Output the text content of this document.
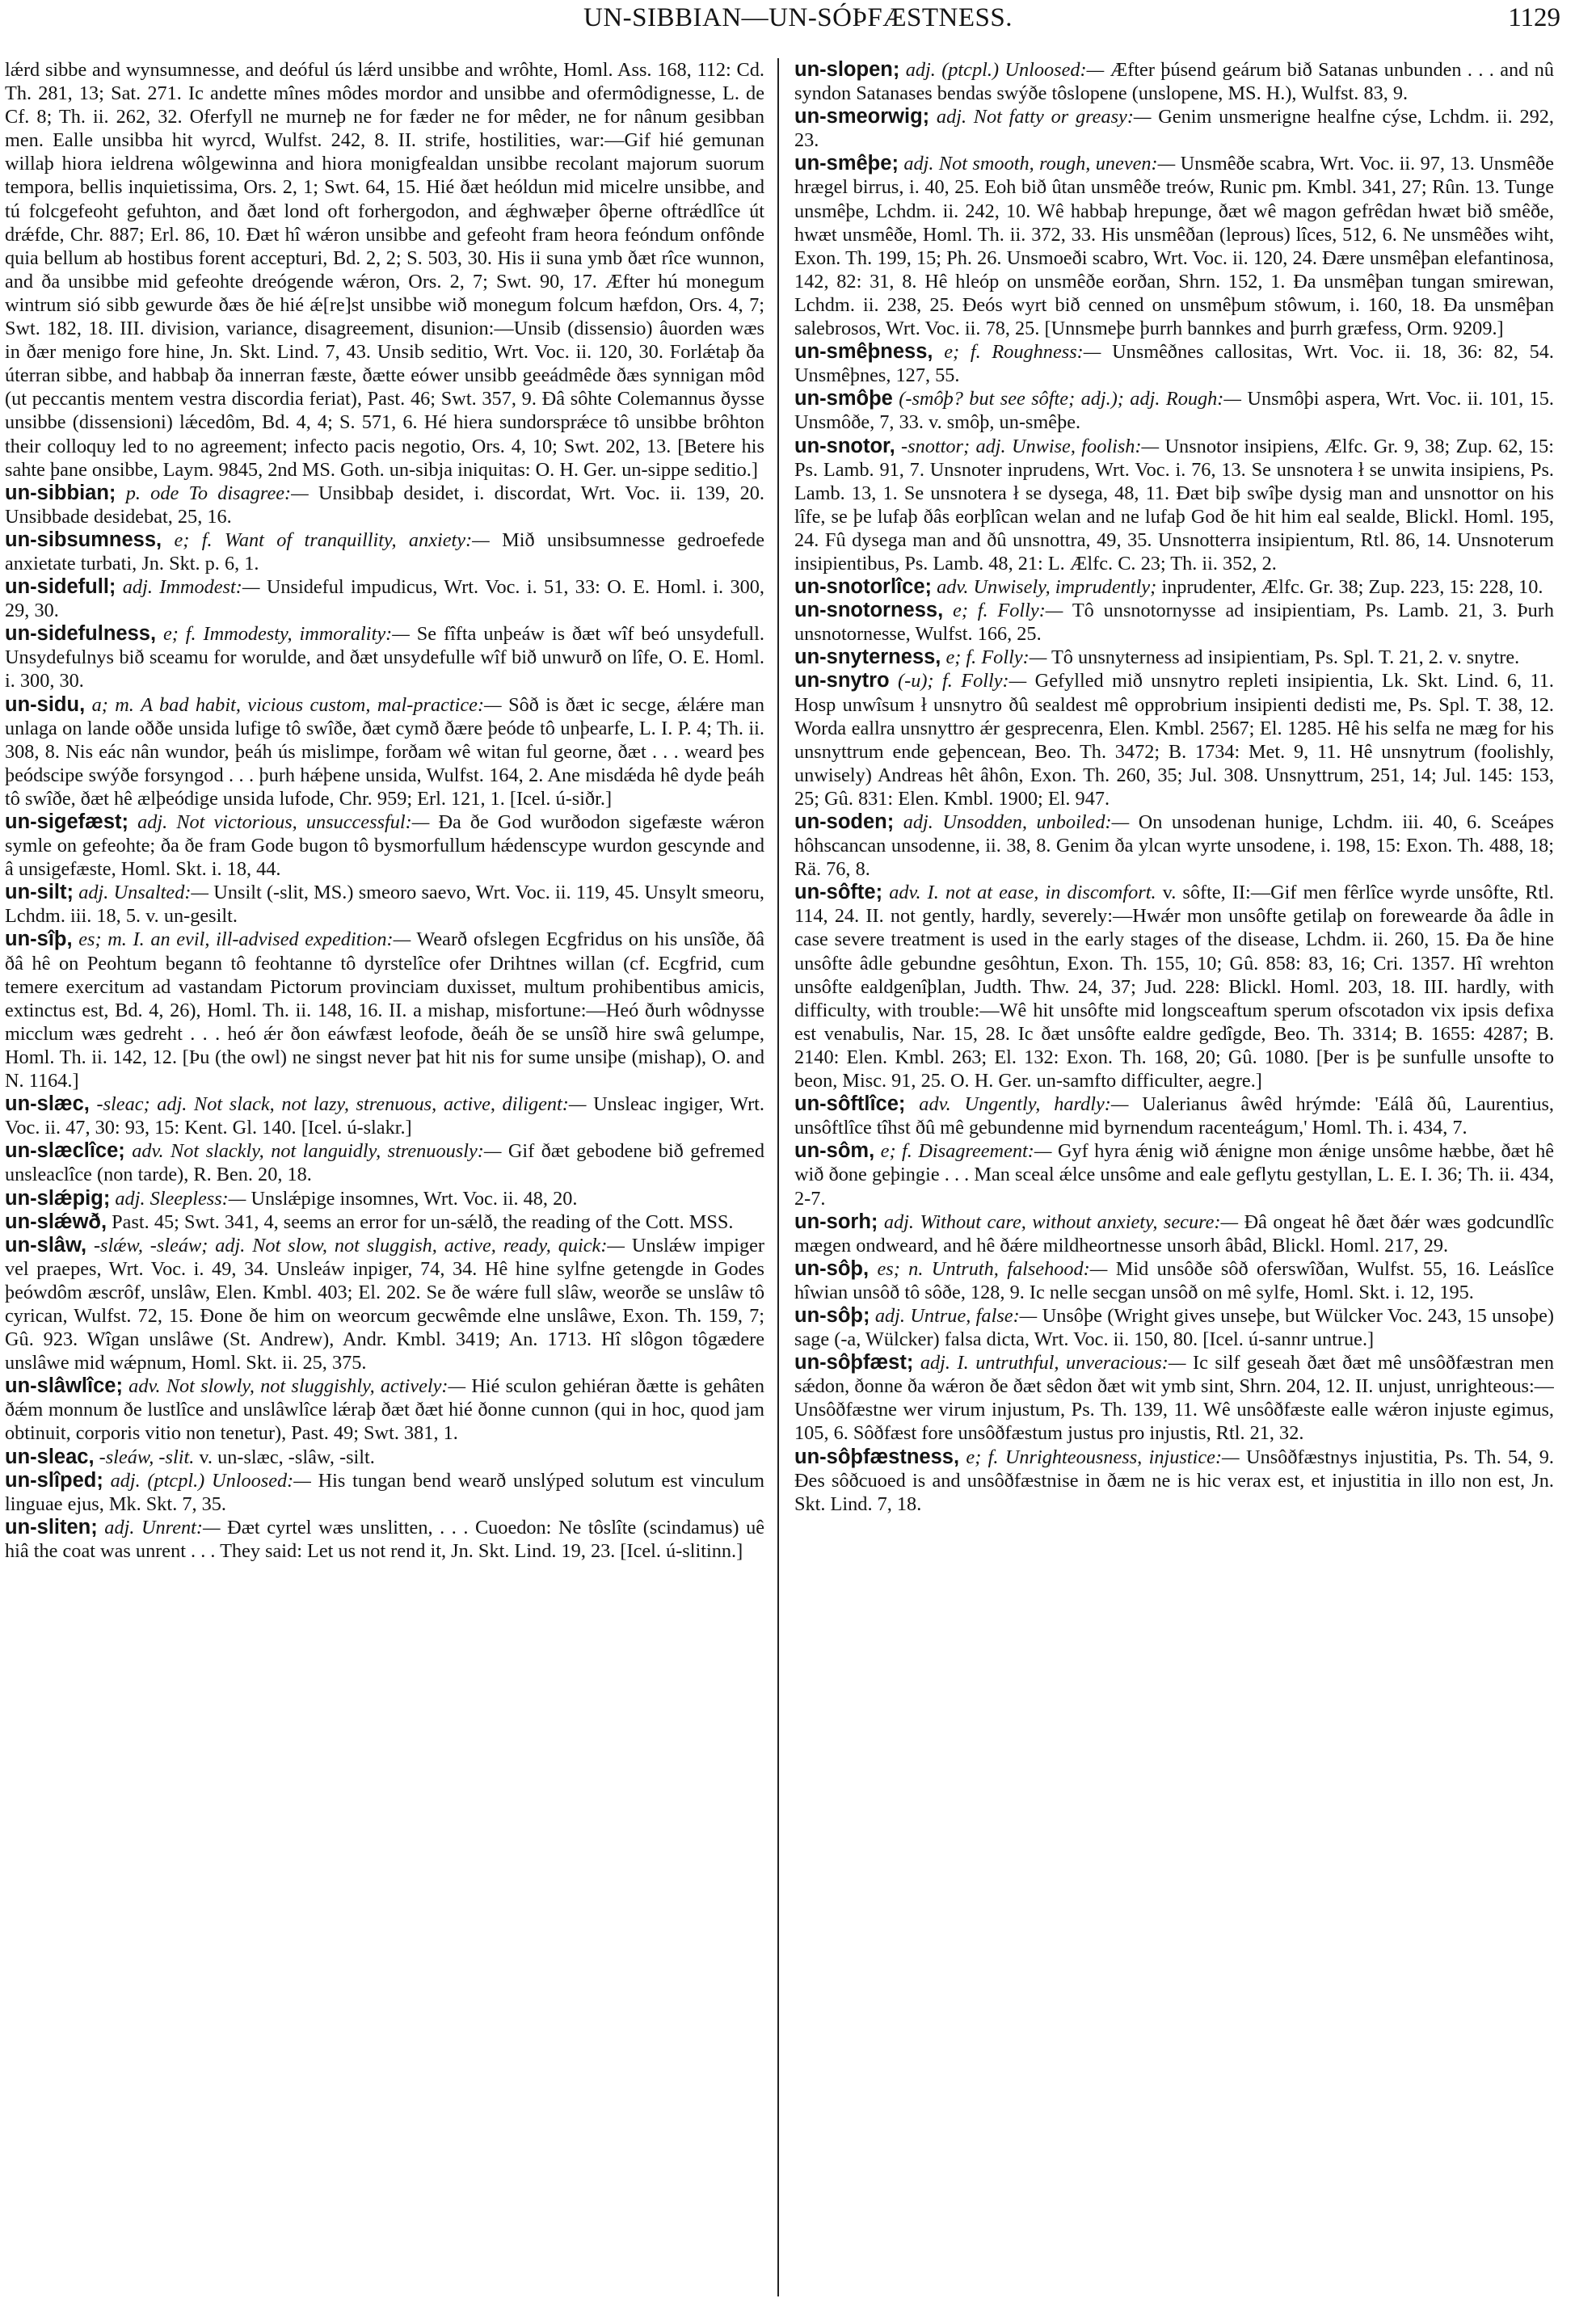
UN-SIBBIAN—UN-SÓÞFÆSTNESS.	1129

lǽrd sibbe and wynsumnesse, and deóful ús lǽrd unsibbe and wrôhte, Homl. Ass. 168, 112: Cd. Th. 281, 13; Sat. 271. Ic andette mînes môdes mordor and unsibbe and ofermôdignesse, L. de Cf. 8; Th. ii. 262, 32. Oferfyll ne murneþ ne for fæder ne for mêder, ne for nânum gesibban men. Ealle unsibba hit wyrcd, Wulfst. 242, 8. II. strife, hostilities, war:—Gif hié gemunan willaþ hiora ieldrena wôlgewinna and hiora monigfealdan unsibbe recolant majorum suorum tempora, bellis inquietissima, Ors. 2, 1; Swt. 64, 15. Hié ðæt heóldun mid micelre unsibbe, and tú folcgefeoht gefuhton, and ðæt lond oft forhergodon, and ǽghwæþer ôþerne oftrǽdlîce út drǽfde, Chr. 887; Erl. 86, 10. Ðæt hî wǽron unsibbe and gefeoht fram heora feóndum onfônde quia bellum ab hostibus forent accepturi, Bd. 2, 2; S. 503, 30. His ii suna ymb ðæt rîce wunnon, and ða unsibbe mid gefeohte dreógende wǽron, Ors. 2, 7; Swt. 90, 17. Æfter hú monegum wintrum sió sibb gewurde ðæs ðe hié ǽ[re]st unsibbe wið monegum folcum hæfdon, Ors. 4, 7; Swt. 182, 18. III. division, variance, disagreement, disunion:—Unsib (dissensio) âuorden wæs in ðær menigo fore hine, Jn. Skt. Lind. 7, 43. Unsib seditio, Wrt. Voc. ii. 120, 30. Forlǽtaþ ða úterran sibbe, and habbaþ ða innerran fæste, ðætte eówer unsibb geeádmêde ðæs synnigan môd (ut peccantis mentem vestra discordia feriat), Past. 46; Swt. 357, 9. Ðâ sôhte Colemannus ðysse unsibbe (dissensioni) lǽcedôm, Bd. 4, 4; S. 571, 6. Hé hiera sundorsprǽce tô unsibbe brôhton their colloquy led to no agreement; infecto pacis negotio, Ors. 4, 10; Swt. 202, 13. [Betere his sahte þane onsibbe, Laym. 9845, 2nd MS. Goth. un-sibja iniquitas: O. H. Ger. un-sippe seditio.]

un-sibbian; p. ode To disagree:— Unsibbaþ desidet, i. discordat, Wrt. Voc. ii. 139, 20. Unsibbade desidebat, 25, 16.

un-sibsumness, e; f. Want of tranquillity, anxiety:— Mið unsibsumnesse gedroefede anxietate turbati, Jn. Skt. p. 6, 1.

un-sidefull; adj. Immodest:— Unsideful impudicus, Wrt. Voc. i. 51, 33: O. E. Homl. i. 300, 29, 30.

un-sidefulness, e; f. Immodesty, immorality:— Se fîfta unþeáw is ðæt wîf beó unsydefull. Unsydefulnys bið sceamu for worulde, and ðæt unsydefulle wîf bið unwurð on lîfe, O. E. Homl. i. 300, 30.

un-sidu, a; m. A bad habit, vicious custom, mal-practice:— Sôð is ðæt ic secge, ǽlǽre man unlaga on lande oððe unsida lufige tô swîðe, ðæt cymð ðære þeóde tô unþearfe, L. I. P. 4; Th. ii. 308, 8. Nis eác nân wundor, þeáh ús mislimpe, forðam wê witan ful georne, ðæt . . . weard þes þeódscipe swýðe forsyngod . . . þurh hǽþene unsida, Wulfst. 164, 2. Ane misdǽda hê dyde þeáh tô swîðe, ðæt hê ælþeódige unsida lufode, Chr. 959; Erl. 121, 1. [Icel. ú-siðr.]

un-sigefæst; adj. Not victorious, unsuccessful:— Ða ðe God wurðodon sigefæste wǽron symle on gefeohte; ða ðe fram Gode bugon tô bysmorfullum hǽdenscype wurdon gescynde and â unsigefæste, Homl. Skt. i. 18, 44.

un-silt; adj. Unsalted:— Unsilt (-slit, MS.) smeoro saevo, Wrt. Voc. ii. 119, 45. Unsylt smeoru, Lchdm. iii. 18, 5. v. un-gesilt.

un-sîþ, es; m. I. an evil, ill-advised expedition:— Wearð ofslegen Ecgfridus on his unsîðe, ðâ ðâ hê on Peohtum begann tô feohtanne tô dyrstelîce ofer Drihtnes willan (cf. Ecgfrid, cum temere exercitum ad vastandam Pictorum provinciam duxisset, multum prohibentibus amicis, extinctus est, Bd. 4, 26), Homl. Th. ii. 148, 16. II. a mishap, misfortune:—Heó ðurh wôdnysse micclum wæs gedreht . . . heó ǽr ðon eáwfæst leofode, ðeáh ðe se unsîð hire swâ gelumpe, Homl. Th. ii. 142, 12. [Þu (the owl) ne singst never þat hit nis for sume unsiþe (mishap), O. and N. 1164.]

un-slæc, -sleac; adj. Not slack, not lazy, strenuous, active, diligent:— Unsleac ingiger, Wrt. Voc. ii. 47, 30: 93, 15: Kent. Gl. 140. [Icel. ú-slakr.]

un-slæclîce; adv. Not slackly, not languidly, strenuously:— Gif ðæt gebodene bið gefremed unsleaclîce (non tarde), R. Ben. 20, 18.

un-slǽpig; adj. Sleepless:— Unslǽpige insomnes, Wrt. Voc. ii. 48, 20.

un-slǽwð, Past. 45; Swt. 341, 4, seems an error for un-sǽlð, the reading of the Cott. MSS.

un-slâw, -slǽw, -sleáw; adj. Not slow, not sluggish, active, ready, quick:— Unslǽw impiger vel praepes, Wrt. Voc. i. 49, 34. Unsleáw inpiger, 74, 34. Hê hine sylfne getengde in Godes þeówdôm æscrôf, unslâw, Elen. Kmbl. 403; El. 202. Se ðe wǽre full slâw, weorðe se unslâw tô cyrican, Wulfst. 72, 15. Ðone ðe him on weorcum gecwêmde elne unslâwe, Exon. Th. 159, 7; Gû. 923. Wîgan unslâwe (St. Andrew), Andr. Kmbl. 3419; An. 1713. Hî slôgon tôgædere unslâwe mid wǽpnum, Homl. Skt. ii. 25, 375.

un-slâwlîce; adv. Not slowly, not sluggishly, actively:— Hié sculon gehiéran ðætte is gehâten ðǽm monnum ðe lustlîce and unslâwlîce lǽraþ ðæt ðæt hié ðonne cunnon (qui in hoc, quod jam obtinuit, corporis vitio non tenetur), Past. 49; Swt. 381, 1.

un-sleac, -sleáw, -slit. v. un-slæc, -slâw, -silt.

un-slîped; adj. (ptcpl.) Unloosed:— His tungan bend wearð unslýped solutum est vinculum linguae ejus, Mk. Skt. 7, 35.

un-sliten; adj. Unrent:— Ðæt cyrtel wæs unslitten, . . . Cuoedon: Ne tôslîte (scindamus) uê hiâ the coat was unrent . . . They said: Let us not rend it, Jn. Skt. Lind. 19, 23. [Icel. ú-slitinn.]

un-slopen; adj. (ptcpl.) Unloosed:— Æfter þúsend geárum bið Satanas unbunden . . . and nû syndon Satanases bendas swýðe tôslopene (unslopene, MS. H.), Wulfst. 83, 9.

un-smeorwig; adj. Not fatty or greasy:— Genim unsmerigne healfne cýse, Lchdm. ii. 292, 23.

un-smêþe; adj. Not smooth, rough, uneven:— Unsmêðe scabra, Wrt. Voc. ii. 97, 13. Unsmêðe hrægel birrus, i. 40, 25. Eoh bið ûtan unsmêðe treów, Runic pm. Kmbl. 341, 27; Rûn. 13. Tunge unsmêþe, Lchdm. ii. 242, 10. Wê habbaþ hrepunge, ðæt wê magon gefrêdan hwæt bið smêðe, hwæt unsmêðe, Homl. Th. ii. 372, 33. His unsmêðan (leprous) lîces, 512, 6. Ne unsmêðes wiht, Exon. Th. 199, 15; Ph. 26. Unsmoeði scabro, Wrt. Voc. ii. 120, 24. Ðære unsmêþan elefantinosa, 142, 82: 31, 8. Hê hleóp on unsmêðe eorðan, Shrn. 152, 1. Ða unsmêþan tungan smirewan, Lchdm. ii. 238, 25. Ðeós wyrt bið cenned on unsmêþum stôwum, i. 160, 18. Ða unsmêþan salebrosos, Wrt. Voc. ii. 78, 25. [Unnsmeþe þurrh bannkes and þurrh græfess, Orm. 9209.]

un-smêþness, e; f. Roughness:— Unsmêðnes callositas, Wrt. Voc. ii. 18, 36: 82, 54. Unsmêþnes, 127, 55.

un-smôþe (-smôþ? but see sôfte; adj.); adj. Rough:— Unsmôþi aspera, Wrt. Voc. ii. 101, 15. Unsmôðe, 7, 33. v. smôþ, un-smêþe.

un-snotor, -snottor; adj. Unwise, foolish:— Unsnotor insipiens, Ælfc. Gr. 9, 38; Zup. 62, 15: Ps. Lamb. 91, 7. Unsnoter inprudens, Wrt. Voc. i. 76, 13. Se unsnotera ł se unwita insipiens, Ps. Lamb. 13, 1. Se unsnotera ł se dysega, 48, 11. Ðæt biþ swîþe dysig man and unsnottor on his lîfe, se þe lufaþ ðâs eorþlîcan welan and ne lufaþ God ðe hit him eal sealde, Blickl. Homl. 195, 24. Fû dysega man and ðû unsnottra, 49, 35. Unsnotterra insipientum, Rtl. 86, 14. Unsnoterum insipientibus, Ps. Lamb. 48, 21: L. Ælfc. C. 23; Th. ii. 352, 2.

un-snotorlîce; adv. Unwisely, imprudently; inprudenter, Ælfc. Gr. 38; Zup. 223, 15: 228, 10.

un-snotorness, e; f. Folly:— Tô unsnotornysse ad insipientiam, Ps. Lamb. 21, 3. Þurh unsnotornesse, Wulfst. 166, 25.

un-snyterness, e; f. Folly:— Tô unsnyterness ad insipientiam, Ps. Spl. T. 21, 2. v. snytre.

un-snytro (-u); f. Folly:— Gefylled mið unsnytro repleti insipientia, Lk. Skt. Lind. 6, 11. Hosp unwîsum ł unsnytro ðû sealdest mê opprobrium insipienti dedisti me, Ps. Spl. T. 38, 12. Worda eallra unsnyttro ǽr gesprecenra, Elen. Kmbl. 2567; El. 1285. Hê his selfa ne mæg for his unsnyttrum ende geþencean, Beo. Th. 3472; B. 1734: Met. 9, 11. Hê unsnytrum (foolishly, unwisely) Andreas hêt âhôn, Exon. Th. 260, 35; Jul. 308. Unsnyttrum, 251, 14; Jul. 145: 153, 25; Gû. 831: Elen. Kmbl. 1900; El. 947.

un-soden; adj. Unsodden, unboiled:— On unsodenan hunige, Lchdm. iii. 40, 6. Sceápes hôhscancan unsodenne, ii. 38, 8. Genim ða ylcan wyrte unsodene, i. 198, 15: Exon. Th. 488, 18; Rä. 76, 8.

un-sôfte; adv. I. not at ease, in discomfort. v. sôfte, II:—Gif men fêrlîce wyrde unsôfte, Rtl. 114, 24. II. not gently, hardly, severely:—Hwǽr mon unsôfte getilaþ on forewearde ða âdle in case severe treatment is used in the early stages of the disease, Lchdm. ii. 260, 15. Ða ðe hine unsôfte âdle gebundne gesôhtun, Exon. Th. 155, 10; Gû. 858: 83, 16; Cri. 1357. Hî wrehton unsôfte ealdgenîþlan, Judth. Thw. 24, 37; Jud. 228: Blickl. Homl. 203, 18. III. hardly, with difficulty, with trouble:—Wê hit unsôfte mid longsceaftum sperum ofscotadon vix ipsis defixa est venabulis, Nar. 15, 28. Ic ðæt unsôfte ealdre gedîgde, Beo. Th. 3314; B. 1655: 4287; B. 2140: Elen. Kmbl. 263; El. 132: Exon. Th. 168, 20; Gû. 1080. [Þer is þe sunfulle unsofte to beon, Misc. 91, 25. O. H. Ger. un-samfto difficulter, aegre.]

un-sôftlîce; adv. Ungently, hardly:— Ualerianus âwêd hrýmde: 'Eálâ ðû, Laurentius, unsôftlîce tîhst ðû mê gebundenne mid byrnendum racenteágum,' Homl. Th. i. 434, 7.

un-sôm, e; f. Disagreement:— Gyf hyra ǽnig wið ǽnigne mon ǽnige unsôme hæbbe, ðæt hê wið ðone geþingie . . . Man sceal ǽlce unsôme and eale geflytu gestyllan, L. E. I. 36; Th. ii. 434, 2-7.

un-sorh; adj. Without care, without anxiety, secure:— Ðâ ongeat hê ðæt ðǽr wæs godcundlîc mægen ondweard, and hê ðǽre mildheortnesse unsorh âbâd, Blickl. Homl. 217, 29.

un-sôþ, es; n. Untruth, falsehood:— Mid unsôðe sôð oferswîðan, Wulfst. 55, 16. Leáslîce hîwian unsôð tô sôðe, 128, 9. Ic nelle secgan unsôð on mê sylfe, Homl. Skt. i. 12, 195.

un-sôþ; adj. Untrue, false:— Unsôþe (Wright gives unseþe, but Wülcker Voc. 243, 15 unsoþe) sage (-a, Wülcker) falsa dicta, Wrt. Voc. ii. 150, 80. [Icel. ú-sannr untrue.]

un-sôþfæst; adj. I. untruthful, unveracious:— Ic silf geseah ðæt ðæt mê unsôðfæstran men sǽdon, ðonne ða wǽron ðe ðæt sêdon ðæt wit ymb sint, Shrn. 204, 12. II. unjust, unrighteous:—Unsôðfæstne wer virum injustum, Ps. Th. 139, 11. Wê unsôðfæste ealle wǽron injuste egimus, 105, 6. Sôðfæst fore unsôðfæstum justus pro injustis, Rtl. 21, 32.

un-sôþfæstness, e; f. Unrighteousness, injustice:— Unsôðfæstnys injustitia, Ps. Th. 54, 9. Ðes sôðcuoed is and unsôðfæstnise in ðæm ne is hic verax est, et injustitia in illo non est, Jn. Skt. Lind. 7, 18.
